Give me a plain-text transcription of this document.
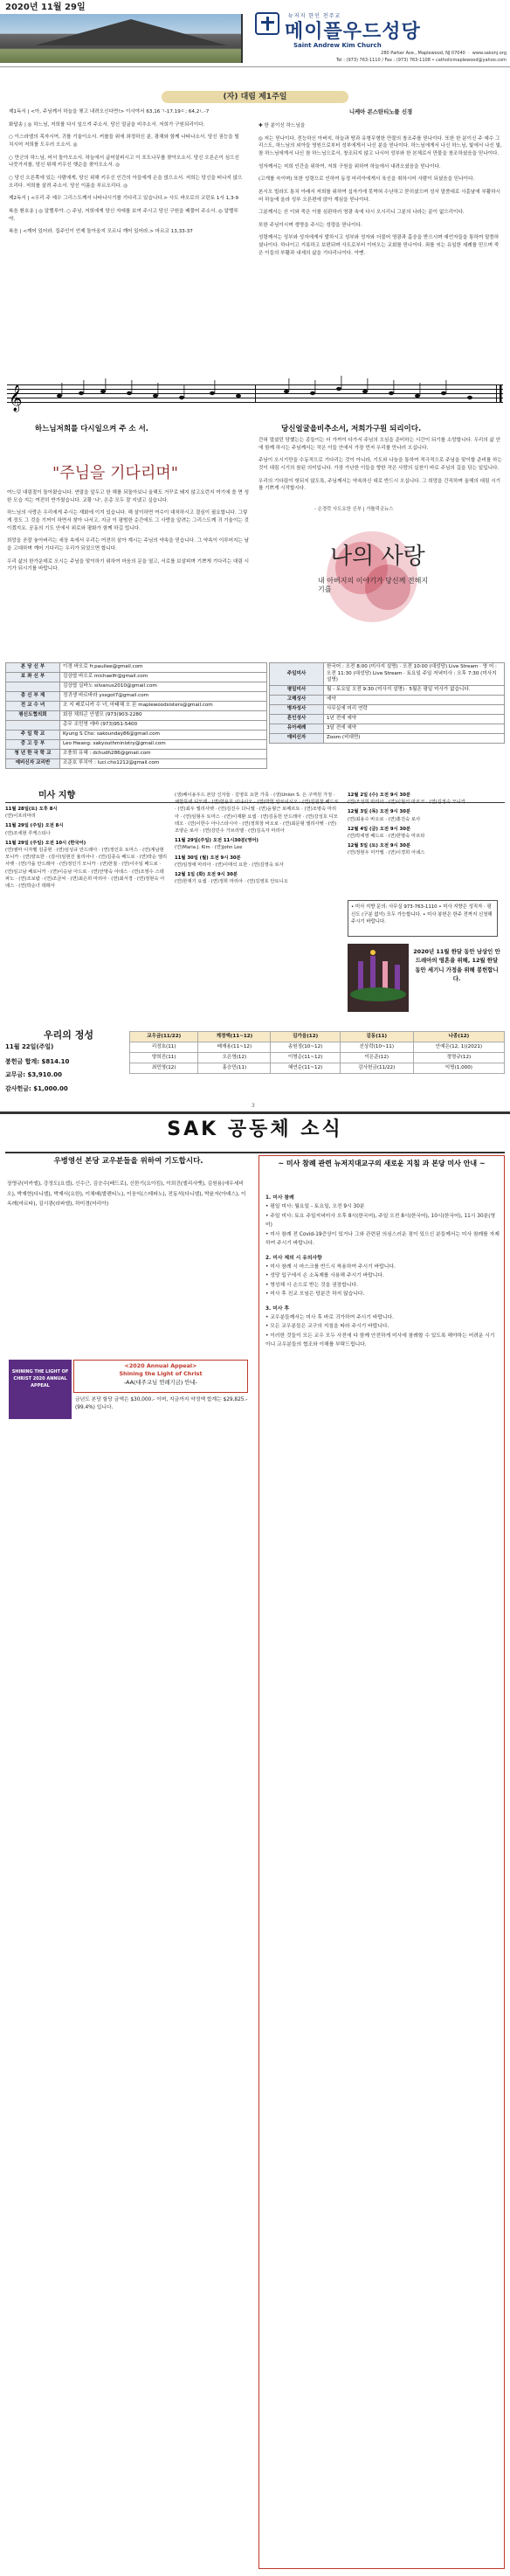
2020년 11월 29일
뉴저지 한인 천주교
메이플우드성당
Saint Andrew Kim Church
280 Parker Ave., Maplewood, NJ 07040  ·  www.sakonj.org
Tel : (973) 763-1110 / Fax : (973) 763-1108 • catholicmaplewood@yahoo.com
(자) 대림 제1주일

제1독서 | <아, 주님께서 하늘을 찢고 내려오신다면!> 이사야서 63,16ㄱ-17.19ㄷ; 64,2ㄴ-7

화답송 | ◎ 하느님, 저희를 다시 일으켜 주소서. 당신 얼굴을 비추소서. 저희가 구원되리이다.

○ 이스라엘의 목자시여, 귀를 기울이소서. 커룹들 위에 좌정하신 분, 광채와 함께 나타나소서. 당신 권능을 떨치시어 저희를 도우러 오소서. ◎

○ 만군의 하느님, 어서 돌아오소서. 하늘에서 굽어살피시고 이 포도나무를 찾아오소서. 당신 오른손이 심으신 나뭇가지를, 당신 위해 키우신 햇순을 찾아오소서. ◎

○ 당신 오른쪽에 있는 사람에게, 당신 위해 키우신 인간의 아들에게 손을 얹으소서. 저희는 당신을 떠나지 않으오리다. 저희를 살려 주소서. 당신 이름을 부르오리다. ◎

제2독서 | <우리 주 예수 그리스도께서 나타나시기를 기다리고 있습니다.> 사도 바오로의 코린토 1서 1,3-9

복음 환호송 | ◎ 알렐루야. ○ 주님, 저희에게 당신 자애를 보여 주시고 당신 구원을 베풀어 주소서. ◎ 알렐루야.

복음 | <깨어 있어라. 집주인이 언제 돌아올지 모르니 깨어 있어라.> 마르코 13,33-37

니케아 콘스탄티노플 신경

✚ 한 분이신 하느님을

◎ 저는 믿나이다. 전능하신 아버지, 하늘과 땅과 유형무형한 만물의 창조주를 믿나이다. 또한 한 분이신 주 예수 그리스도, 하느님의 외아들 영원으로부터 성부에게서 나신 분을 믿나이다. 하느님에게서 나신 하느님, 빛에서 나신 빛, 참 하느님에게서 나신 참 하느님으로서, 창조되지 않고 나시어 성부와 한 본체로서 만물을 창조하셨음을 믿나이다.

성자께서는 저희 인간을 위하여, 저희 구원을 위하여 하늘에서 내려오셨음을 믿나이다.

(고개를 숙이며) 또한 성령으로 인하여 동정 마리아에게서 육신을 취하시어 사람이 되셨음을 믿나이다.

본시오 빌라도 통치 아래서 저희를 위하여 십자가에 못박혀 수난하고 묻히셨으며 성서 말씀대로 사흗날에 부활하시어 하늘에 올라 성부 오른편에 앉아 계심을 믿나이다.

그분께서는 산 이와 죽은 이를 심판하러 영광 속에 다시 오시리니 그분의 나라는 끝이 없으리이다.

또한 주님이시며 생명을 주시는 성령을 믿나이다.

성령께서는 성부와 성자에게서 발하시고 성부와 성자와 더불어 영광과 흠숭을 받으시며 예언자들을 통하여 말씀하셨나이다. 하나이고 거룩하고 보편되며 사도로부터 이어오는 교회를 믿나이다. 죄를 씻는 유일한 세례를 믿으며 죽은 이들의 부활과 내세의 삶을 기다리나이다. 아멘.

𝄞
하느님저희를 다시일으켜 주 소 서.	당신얼굴을비추소서, 저희가구원 되리이다.
"주님을 기다리며"

여느덧 대림절이 돌아왔습니다. 연말을 앞두고 한 해를 되돌아보니 올해도 거꾸로 돼지 않고요런지 여기에 쓸 면 성한 모습 지는 여전히 반가웠습니다. 교황 '나', 은총 모두 잘 지냈고 싶습니다.

하느님의 사랑은 우리에게 주시는 재화에 이겨 있습니다. 해 살이하면 여수이 대처하시고 결심이 필요합니다. 그렇게 정도 그 것을 기꺼이 하면서 찾아 나서고, 지금 이 평범한 순간에도 그 사랑을 알려는 그리스도께 귀 기울이는 것이겠지요. 공동의 기도 안에서 위로와 평화가 함께 하길 빕니다.

희망을 곧잘 놓아버리는 세상 속에서 우리는 여전히 살아 계시는 주님의 약속을 믿습니다. 그 약속이 이루어지는 날을 고대하며 깨어 기다리는 우리가 되었으면 합니다.

우리 삶의 한가운데로 오시는 주님을 맞이하기 위하여 마음의 문을 열고, 서로를 보살피며 기쁘게 기다리는 대림 시기가 되시기를 바랍니다.

간혀 멀셨던 당했는는 종들이는 더 가까이 다가서 주님의 오심을 준비하는 시간이 되기를 소망합니다. 우리의 삶 안에 함께 하시는 주님께서는 작은 이들 안에서 가장 먼저 우리를 만나러 오십니다.

주님이 오시기만을 수동적으로 기다리는 것이 아니라, 기도와 나눔을 통하여 적극적으로 주님을 맞이할 준비를 하는 것이 대림 시기의 참된 의미입니다. 가장 가난한 이들을 향한 작은 사랑의 실천이 바로 주님의 길을 닦는 일입니다.

우리의 기다림이 헛되지 않도록, 주님께서는 약속하신 대로 반드시 오십니다. 그 희망을 간직하며 올해의 대림 시기를 기쁘게 시작합시다.

- 손경락 사도요한 신부 | 가톨릭굿뉴스
나의 사랑
내 아버지의 이야기가 당신께 전해지기를
본 당 신 부	이경 바오로 fr.pauilee@gmail.com
보 좌 신 부	김상엽 바오로 michaelfr@gmail.com
	김상엽 실바노 silvanus2010@gmail.com
총 신 부 제	정귀생 바르바라 yssgot7@gmail.com
전 교 수 녀	조 지 베로니카 수 녀, 마태혜 오 몬 maplewoodsisters@gmail.com
평신도협의회	회장 채희곤 안셀모 (973)903-2280
	총무 조민영 에바 (973)951-5400
주 일 학 교	Kyung S Cho: sakounday86@gmail.com
중 고 등 부	Leo Hwang: sakyouthministry@gmail.com
청 년 한 국 학 교	조충희 유혜 : dchudh286@gmail.com
예비신자 교리반	조준호 루치아 : luci.cho1212@gmail.com
주일미사	한국어 : 오전 8:00 (미사지 설명) · 오전 10:00 (대성당) Live Stream · 영 어 : 오전 11:30 (대성당) Live Stream · 토요일 주일 저녁미사 : 오후 7:30 (미사지 설명)
평일미사	월 - 토요일 오전 9:30 (미사지 설명) · 5월은 평일 미사가 없습니다.
고해성사	예약
병자성사	사무실에 미리 연락
혼인성사	1년 전에 예약
유아세례	3달 전에 예약
예비신자	Zoom (비대면)
미사 지향
11월 28일(토) 오후 8시
(연)이프리마리
11월 29일 (주일) 오전 8시
(연)조세현 루케스티나
11월 29일 (주일) 오전 10시 (한국어)
(연)엠마 이자벨 김중현 · (연)임성규 안드레아 · (연)정인호 토마스 · (연)계남현 모니카 · (연)양요한 · (감사)임현진 율리아나 · (연)김종숙 베드로 · (연)박순 엘리사벳 · (연)가을 안드레아 · (연)정인기 모니카 · (연)한철 · (연)이주일 베드로 · (연)임고남 베로니카 · (연)이승남 아드로 · (연)안명숙 아녜스 · (연)조영수 스테파노 · (연)조보람 · (연)조금씨 · (연)최은희 마리아 · (연)최서경 · (연)정현숙 아녜스 · (연)박순녀 데레사
(생)베이용우드 본당 신자들 · 김영호 요한 가족 · (생)Union S. 은 구역원 가정 · 채한묵네 디모데 · (연)한용호 이냐시오 · (연)박헌 알로이시오 · (연)김원창 베드로 · (연)최우 엘리사벳 · (연)김진수 다니엘 · (연)윤형근 로베르토 · (연)조병숙 마리아 · (연)임형우 토마스 · (연)이재환 요셉 · (연)김동헌 안드레아 · (연)강성호 디모테오 · (연)이한수 아나스타시아 · (연)정희창 바오로 · (연)최문형 엘리사벳 · (연)조양순 로사 · (연)강민수 가브리엘 · (연)김옥자 마리아
11월 29일(주일) 오전 11시30분(영어)
(연)Maria J. Kim · (연)John Lee
11월 30일 (월) 오전 9시 30분
(연)임정애 마리아 · (연)이태석 요한 · (연)김영숙 로사
12월 1일 (화) 오전 9시 30분
(연)한재기 요셉 · (연)정희 마리아 · (연)김영호 안토니오
12월 2일 (수) 오전 9시 30분
(연)조성희 마리아 · (연)이현석 마르코 · (연)김정숙 모니카
12월 3일 (목) 오전 9시 30분
(연)최용수 바오로 · (연)홍진숙 로사
12월 4일 (금) 오전 9시 30분
(연)박세영 베드로 · (연)한명숙 마르타
12월 5일 (토) 오전 9시 30분
(연)정현우 미카엘 · (연)이경희 아녜스
• 미사 지향 문의: 사무실 973-763-1110 • 미사 지향은 성직자 · 평신도 (구분 없이) 모두 가능합니다. • 미사 봉헌은 한주 전까지 신청해주시기 바랍니다.
2020년 11월 한달 동안 남상인 안드레아의 영혼을 위해, 12월 한달 동안 세기니 가정을 위해 봉헌합니다.
우리의 정성
11월 22일(주일)
봉헌금 합계: $814.10
교무금: $3,910.00
감사헌금: $1,000.00
교우금(11/22)	계정액(11~12)	김가음(12)	김동(11)	나종(12)
리정호(11)	배재용(11~12)	송원정(10~12)	선상락(10~11)	안예은(12, 1)(2021)
양희진(11)	오은영(12)	이명순(11~12)	이은준(12)	정명규(12)
최민영(12)	홍승민(11)	혜연순(11~12)	감사헌금(11/22)	익명(1,000)
3
SAK 공동체 소식
우병영선 본당 교우분들을 위하여 기도합시다.
장영규(미카엘), 강정도(요셉), 신수근, 김승수(베드로), 신한기(요아킴), 이희진(엘리사벳), 김원용(에우세비오), 박재현(다니엘), 박재서(요한), 이채배(발렌티노), 이웅익(스테파노), 전동석(다니엘), 박윤자(아녜스), 이옥례(마르타), 김시광(라파엘), 하미경(마리아)
SHINING THE LIGHT OF CHRIST 2020 ANNUAL APPEAL
<2020 Annual Appeal>
Shining the Light of Christ
-AA(대주교님 연례기금) 안내-
금년도 본당 할당 금액은 $30,000.- 이며, 지금까지 약정액 합계는 $29,825.- (99.4%) 입니다.
~ 미사 참례 관련 뉴저지대교구의 새로운 지침 과 본당 미사 안내 ~
1. 미사 참례
• 평일 미사: 월요일 - 토요일, 오전 9시 30분
• 주일 미사: 토요 주일저녁미사 오후 8시(한국어), 주일 오전 8시(한국어), 10시(한국어), 11시 30분(영어)
• 미사 참례 전 Covid-19증상이 있거나 그와 관련된 의심스러운 점이 있으신 분들께서는 미사 참례를 자제하여 주시기 바랍니다.
2. 미사 제의 시 유의사항
• 미사 참례 시 마스크를 반드시 착용하여 주시기 바랍니다.
• 성당 입구에서 손 소독제를 사용해 주시기 바랍니다.
• 영성체 시 손으로 받는 것을 권장합니다.
• 미사 후 친교 모임은 당분간 하지 않습니다.
3. 미사 후
• 교우분들께서는 미사 후 바로 귀가하여 주시기 바랍니다.
• 모든 교우분들은 교구의 지침을 따라 주시기 바랍니다.
• 이러한 것들이 모든 교우 모두 사전에 다 함께 안전하게 미사에 참례할 수 있도록 해야하는 어려운 시기이니 교우분들의 협조와 이해를 부탁드립니다.
